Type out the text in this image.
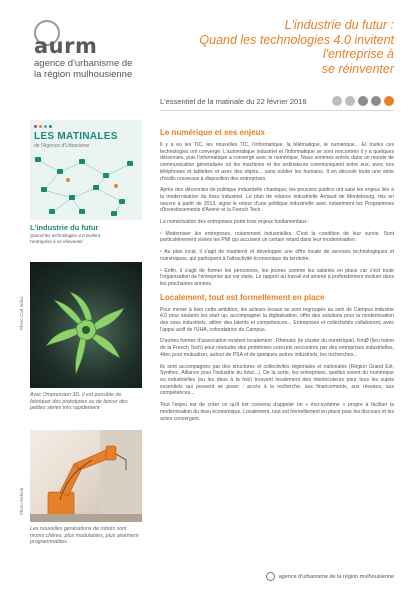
aurm
agence d'urbanisme de
la région mulhousienne
L'industrie du futur :
Quand les technologies 4.0 invitent l'entreprise à
se réinventer
L'essentiel de la matinale du 22 février 2018
LES MATINALES
de l'Agence d'Urbanisme
L'industrie du futur
Quand les technologies 4.0 invitent
l'entreprise à se réinventer
Photo Cad Indus
Avec l'impression 3D, il est possible de fabriquer des prototypes ou de lancer des petites séries très rapidement
Photo Ardoria
Les nouvelles générations de robots sont moins chères, plus modulables, plus aisément programmables.
Le numérique et ses enjeux
Il y a eu les TIC, les nouvelles TIC, l'informatique, la télématique, le numérique... Et toutes ces technologies ont convergé. L'automatique industriel et l'informatique se sont rencontrés il y a quelques décennies, puis l'informatique a convergé avec le numérique. Nous sommes entrés dans un monde de communication généralisée où les machines et les ordinateurs communiquent entre eux, avec nos téléphones et tablettes et avec des objets... sans oublier les humains. Il en découle toute une série d'outils nouveaux à disposition des entreprises.
Après des décennies de politique industrielle chaotique, les pouvoirs publics ont saisi les enjeux liés à la modernisation du tissu industriel. Le plan de relance industrielle Arnaud de Montebourg, mis en oeuvre à partir de 2013, signe le retour d'une politique industrielle avec notamment les Programmes d'Investissements d'Avenir et la French Tech.
La numérisation des entreprises porte trois enjeux fondamentaux :
• Moderniser les entreprises, notamment industrielles. C'est la condition de leur survie. Sont particulièrement visées les PMI qui accusent un certain retard dans leur modernisation.
• Au plan local, il s'agit de maintenir et développer une offre locale de services technologiques et numériques, qui participent à l'attractivité économique du territoire.
• Enfin, il s'agit de former les personnes, les jeunes comme les salariés en place car c'est toute l'organisation de l'entreprise qui est visée. Le rapport au travail est amené à profondément évoluer dans les prochaines années.
Localement, tout est formellement en place
Pour mener à bien cette ambition, les acteurs locaux se sont regroupés au sein de Campus industrie 4.0 pour soutenir les start up, accompagner la digitalisation, offrir des solutions pour la modernisation des sous industriels, attirer des talents et compétences... Entreprises et collectivités collaborent, avec l'appui actif de l'UHA, cofondatrice du Campus.
D'autres formes d'association existent localement : Rhénatic (le cluster du numérique), KmØ (lieu totem de la French Tech) pour résoudre des problèmes concrets rencontrés par des entreprises industrielles, 4itec pour mutualiser, autour de PSA et de quelques autres industriels, les recherches...
Ils sont accompagnés par des structures et collectivités régionales et nationales (Région Grand Est, Synthec, Alliance pour l'industrie du futur...). De la sorte, les entreprises, quelles soient du numérique ou industrielles (ou les deux à la fois) trouvent localement des interlocuteurs pour tous les sujets essentiels qui peuvent se poser : accès à la recherche, aux financements, aux réseaux, aux compétences...
Tout l'enjeu est de créer ce qu'il est convenu d'appeler un « éco-système » propre à faciliter la modernisation du tissu économique. Localement, tout est formellement en place pour les discours et les actes convergent.
agence d'urbanisme de la région mulhousienne
